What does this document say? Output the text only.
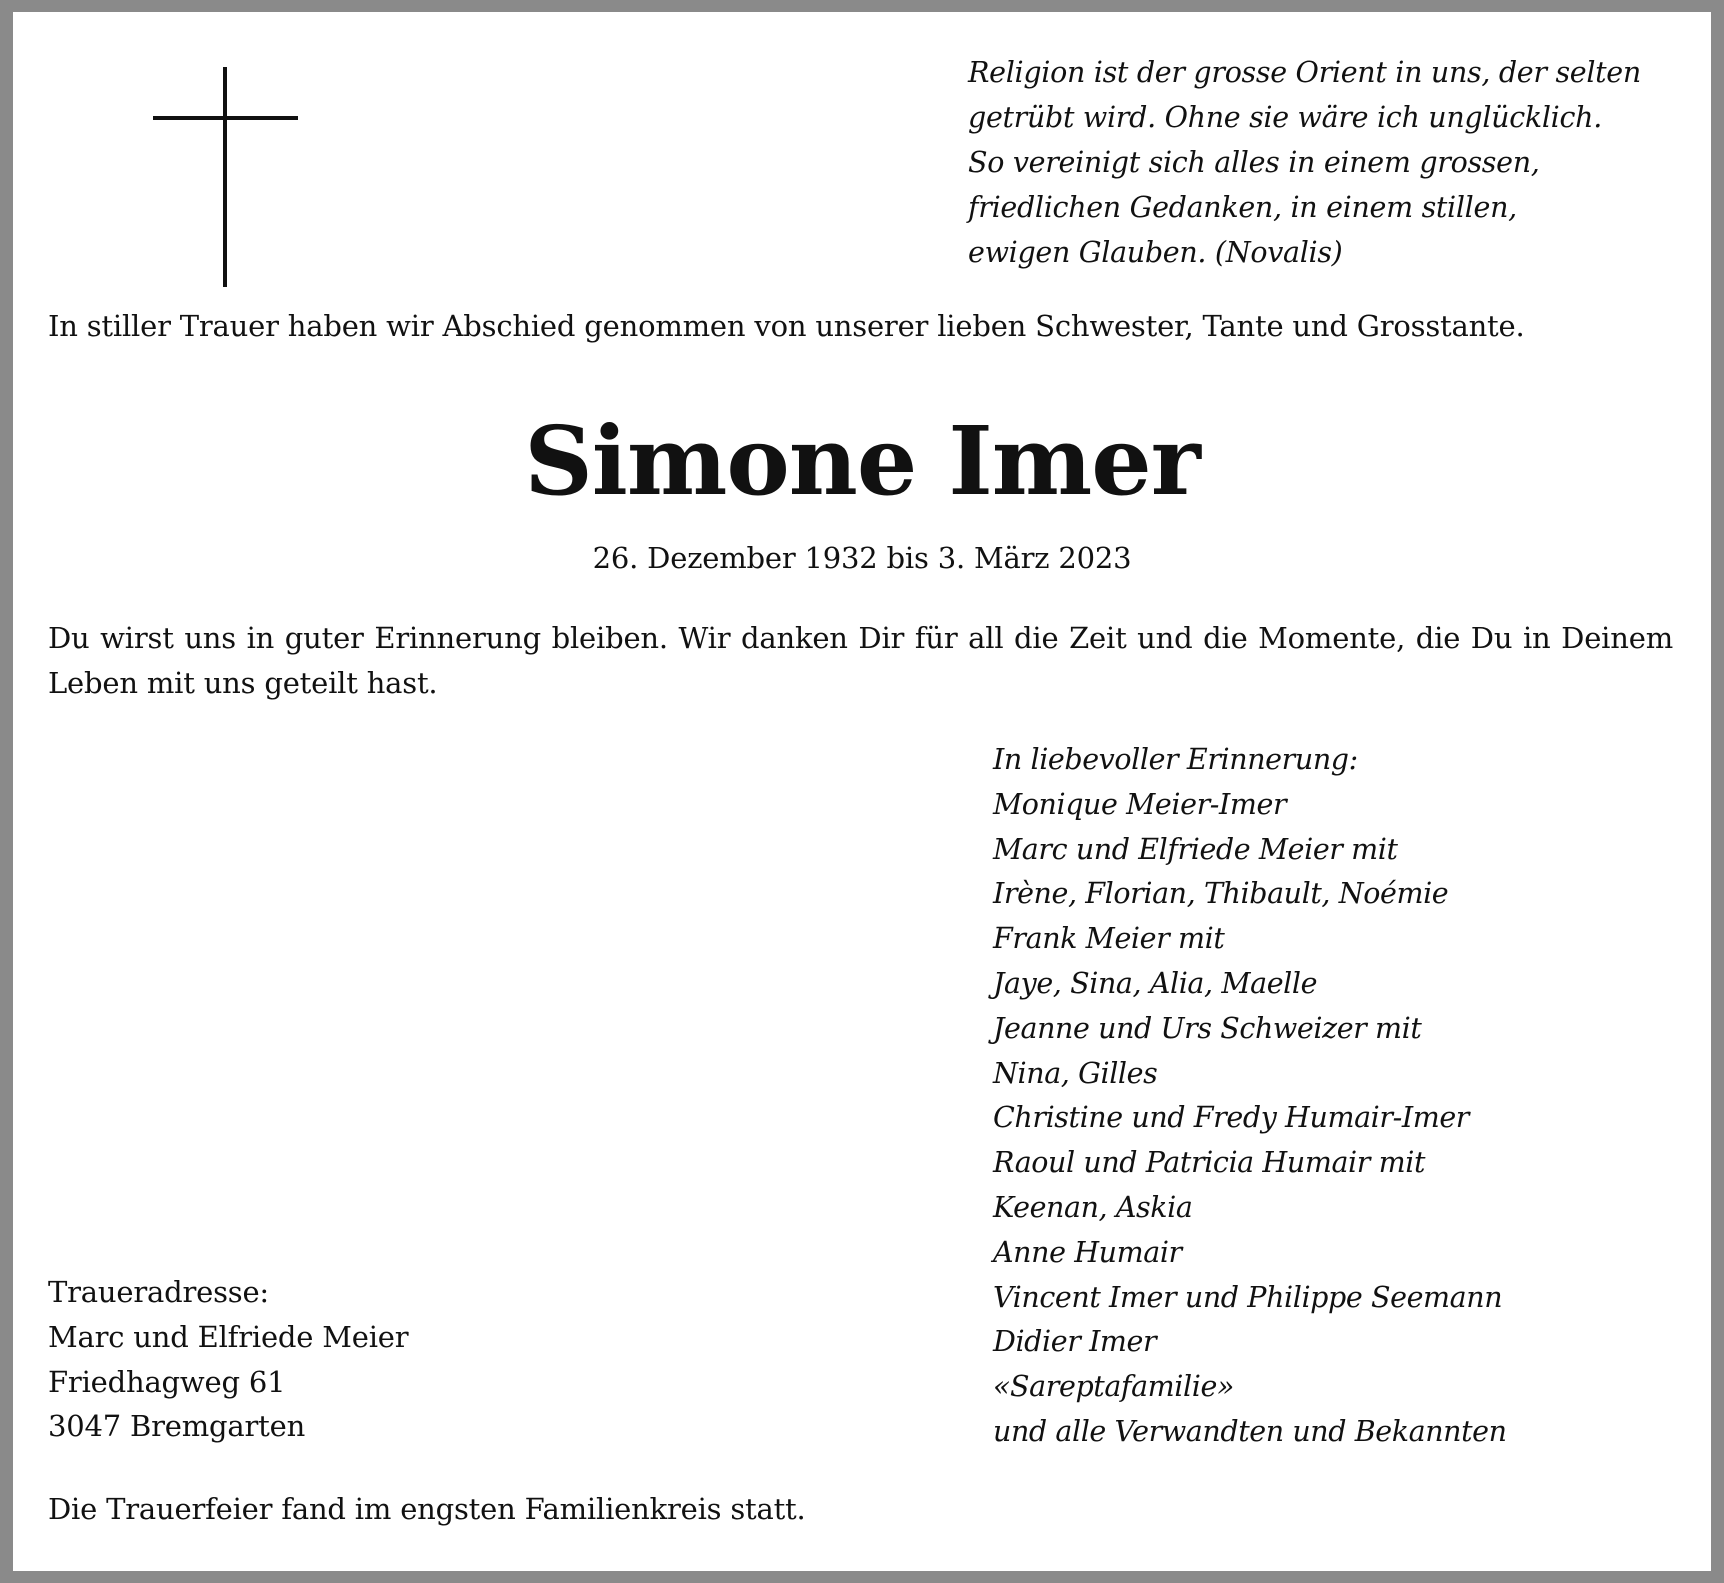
Religion ist der grosse Orient in uns, der selten
getrübt wird. Ohne sie wäre ich unglücklich.
So vereinigt sich alles in einem grossen,
friedlichen Gedanken, in einem stillen,
ewigen Glauben. (Novalis)
In stiller Trauer haben wir Abschied genommen von unserer lieben Schwester, Tante und Grosstante.
Simone Imer
26. Dezember 1932 bis 3. März 2023
Du wirst uns in guter Erinnerung bleiben. Wir danken Dir für all die Zeit und die Momente, die Du in Deinem Leben mit uns geteilt hast.
In liebevoller Erinnerung:
Monique Meier-Imer
Marc und Elfriede Meier mit
Irène, Florian, Thibault, Noémie
Frank Meier mit
Jaye, Sina, Alia, Maelle
Jeanne und Urs Schweizer mit
Nina, Gilles
Christine und Fredy Humair-Imer
Raoul und Patricia Humair mit
Keenan, Askia
Anne Humair
Vincent Imer und Philippe Seemann
Didier Imer
«Sareptafamilie»
und alle Verwandten und Bekannten
Traueradresse:
Marc und Elfriede Meier
Friedhagweg 61
3047 Bremgarten
Die Trauerfeier fand im engsten Familienkreis statt.
